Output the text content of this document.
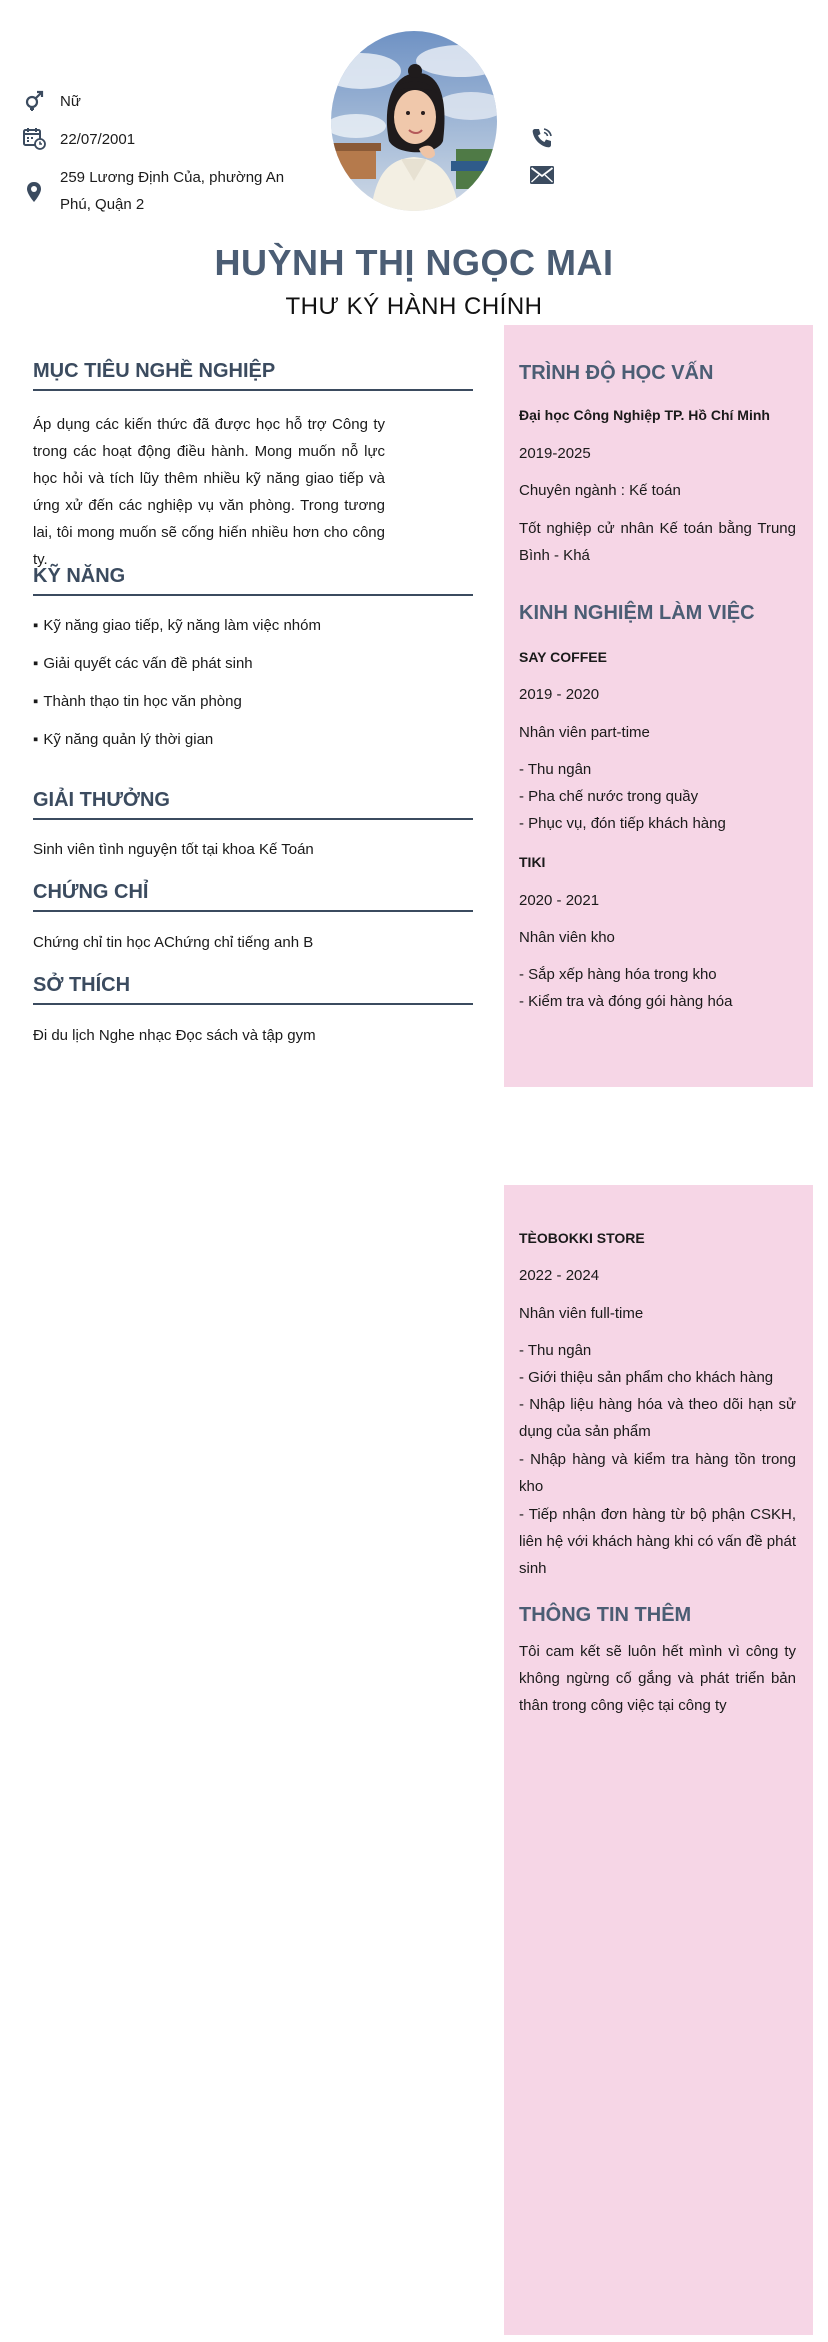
Nữ
22/07/2001
259 Lương Định Của, phường An Phú, Quận 2
HUỲNH THỊ NGỌC MAI
THƯ KÝ HÀNH CHÍNH
MỤC TIÊU NGHỀ NGHIỆP
Áp dụng các kiến thức đã được học hỗ trợ Công ty trong các hoạt động điều hành. Mong muốn nỗ lực học hỏi và tích lũy thêm nhiều kỹ năng giao tiếp và ứng xử đến các nghiệp vụ văn phòng. Trong tương lai, tôi mong muốn sẽ cống hiến nhiều hơn cho công ty.
KỸ NĂNG
▪ Kỹ năng giao tiếp, kỹ năng làm việc nhóm
▪ Giải quyết các vấn đề phát sinh
▪ Thành thạo tin học văn phòng
▪ Kỹ năng quản lý thời gian
GIẢI THƯỞNG
Sinh viên tình nguyện tốt tại khoa Kế Toán
CHỨNG CHỈ
Chứng chỉ tin học AChứng chỉ tiếng anh B
SỞ THÍCH
Đi du lịch Nghe nhạc Đọc sách và tập gym
TRÌNH ĐỘ HỌC VẤN
Đại học Công Nghiệp TP. Hồ Chí Minh
2019-2025
Chuyên ngành : Kế toán
Tốt nghiệp cử nhân Kế toán bằng Trung Bình - Khá
KINH NGHIỆM LÀM VIỆC
SAY COFFEE
2019 - 2020
Nhân viên part-time
- Thu ngân
- Pha chế nước trong quầy
- Phục vụ, đón tiếp khách hàng
TIKI
2020 - 2021
Nhân viên kho
- Sắp xếp hàng hóa trong kho
- Kiểm tra và đóng gói hàng hóa
TÈOBOKKI STORE
2022 - 2024
Nhân viên full-time
- Thu ngân
- Giới thiệu sản phẩm cho khách hàng
- Nhập liệu hàng hóa và theo dõi hạn sử dụng của sản phẩm
- Nhập hàng và kiểm tra hàng tồn trong kho
- Tiếp nhận đơn hàng từ bộ phận CSKH, liên hệ với khách hàng khi có vấn đề phát sinh
THÔNG TIN THÊM
Tôi cam kết sẽ luôn hết mình vì công ty không ngừng cố gắng và phát triển bản thân trong công việc tại công ty
